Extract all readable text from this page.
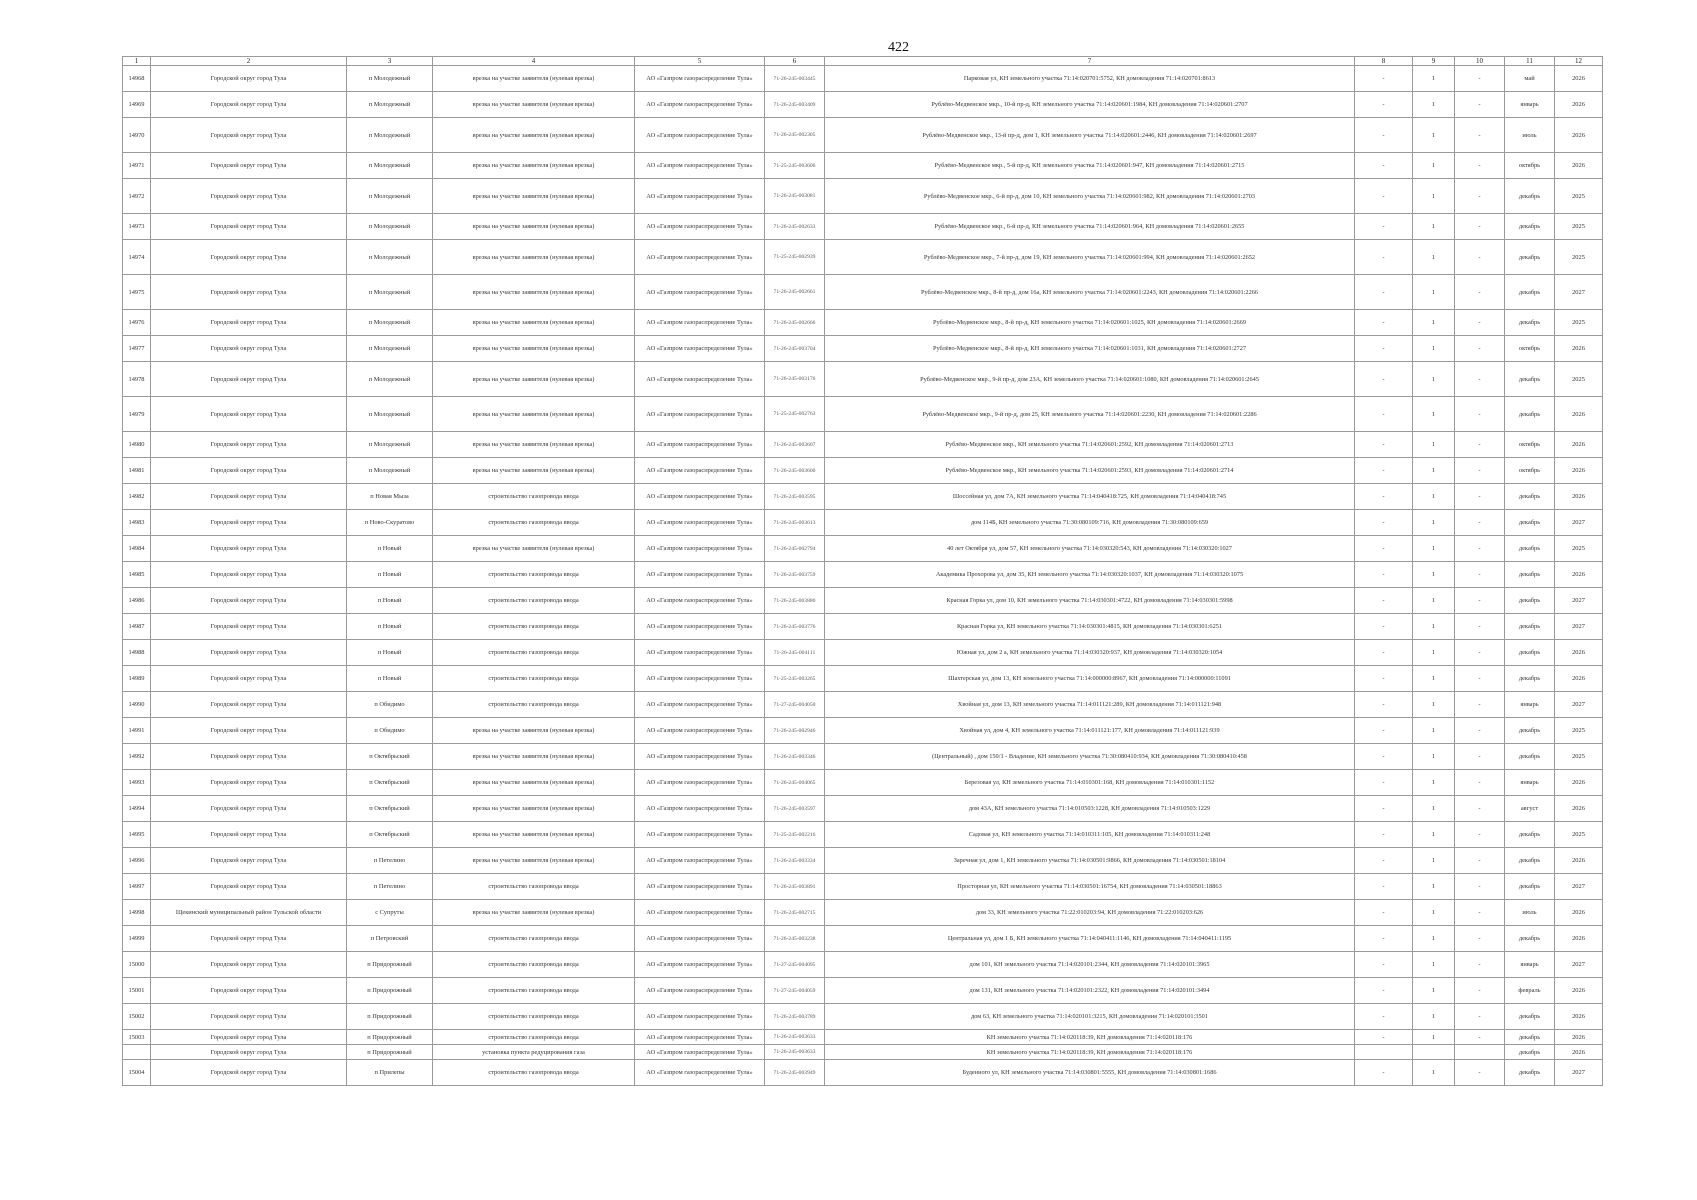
422
1	2	3	4	5	6	7	8	9	10	11	12
14968	Городской округ город Тула	п Молодежный	врезка на участке заявителя (нулевая врезка)	АО «Газпром газораспределение Тула»	71-26-245-003445	Парковая ул, КН земельного участка 71:14:020701:5752, КН домовладения 71:14:020701:8613	-	1	-	май	2026
14969	Городской округ город Тула	п Молодежный	врезка на участке заявителя (нулевая врезка)	АО «Газпром газораспределение Тула»	71-26-245-003409	Рублёво-Медвенское мкр., 10-й пр-д, КН земельного участка 71:14:020601:1984, КН домовладения 71:14:020601:2707	-	1	-	январь	2026
14970	Городской округ город Тула	п Молодежный	врезка на участке заявителя (нулевая врезка)	АО «Газпром газораспределение Тула»	71-26-245-002305	Рублёво-Медвенское мкр., 13-й пр-д, дом 1, КН земельного участка 71:14:020601:2446, КН домовладения 71:14:020601:2697	-	1	-	июль	2026
14971	Городской округ город Тула	п Молодежный	врезка на участке заявителя (нулевая врезка)	АО «Газпром газораспределение Тула»	71-25-245-003606	Рублёво-Медвенское мкр., 5-й пр-д, КН земельного участка 71:14:020601:947, КН домовладения 71:14:020601:2715	-	1	-	октябрь	2026
14972	Городской округ город Тула	п Молодежный	врезка на участке заявителя (нулевая врезка)	АО «Газпром газораспределение Тула»	71-26-245-003081	Рублёво-Медвенское мкр., 6-й пр-д, дом 10, КН земельного участка 71:14:020601:982, КН домовладения 71:14:020601:2703	-	1	-	декабрь	2025
14973	Городской округ город Тула	п Молодежный	врезка на участке заявителя (нулевая врезка)	АО «Газпром газораспределение Тула»	71-26-245-002633	Рублёво-Медвенское мкр., 6-й пр-д, КН земельного участка 71:14:020601:964, КН домовладения 71:14:020601:2655	-	1	-	декабрь	2025
14974	Городской округ город Тула	п Молодежный	врезка на участке заявителя (нулевая врезка)	АО «Газпром газораспределение Тула»	71-25-245-002939	Рублёво-Медвенское мкр., 7-й пр-д, дом 19, КН земельного участка 71:14:020601:994, КН домовладения 71:14:020601:2652	-	1	-	декабрь	2025
14975	Городской округ город Тула	п Молодежный	врезка на участке заявителя (нулевая врезка)	АО «Газпром газораспределение Тула»	71-26-245-002661	Рублёво-Медвенское мкр., 8-й пр-д, дом 16а, КН земельного участка 71:14:020601:2243, КН домовладения 71:14:020601:2266	-	1	-	декабрь	2027
14976	Городской округ город Тула	п Молодежный	врезка на участке заявителя (нулевая врезка)	АО «Газпром газораспределение Тула»	71-26-245-002666	Рублёво-Медвенское мкр., 8-й пр-д, КН земельного участка 71:14:020601:1025, КН домовладения 71:14:020601:2669	-	1	-	декабрь	2025
14977	Городской округ город Тула	п Молодежный	врезка на участке заявителя (нулевая врезка)	АО «Газпром газораспределение Тула»	71-26-245-003704	Рублёво-Медвенское мкр., 8-й пр-д, КН земельного участка 71:14:020601:1031, КН домовладения 71:14:020601:2727	-	1	-	октябрь	2026
14978	Городской округ город Тула	п Молодежный	врезка на участке заявителя (нулевая врезка)	АО «Газпром газораспределение Тула»	71-26-245-003176	Рублёво-Медвенское мкр., 9-й пр-д, дом 23А, КН земельного участка 71:14:020601:1080, КН домовладения 71:14:020601:2645	-	1	-	декабрь	2025
14979	Городской округ город Тула	п Молодежный	врезка на участке заявителя (нулевая врезка)	АО «Газпром газораспределение Тула»	71-25-245-002763	Рублёво-Медвенское мкр., 9-й пр-д, дом 25, КН земельного участка 71:14:020601:2230, КН домовладения 71:14:020601:2286	-	1	-	декабрь	2026
14980	Городской округ город Тула	п Молодежный	врезка на участке заявителя (нулевая врезка)	АО «Газпром газораспределение Тула»	71-26-245-003607	Рублёво-Медвенское мкр., КН земельного участка 71:14:020601:2592, КН домовладения 71:14:020601:2713	-	1	-	октябрь	2026
14981	Городской округ город Тула	п Молодежный	врезка на участке заявителя (нулевая врезка)	АО «Газпром газораспределение Тула»	71-26-245-003600	Рублёво-Медвенское мкр., КН земельного участка 71:14:020601:2593, КН домовладения 71:14:020601:2714	-	1	-	октябрь	2026
14982	Городской округ город Тула	п Новая Мыза	строительство газопровода ввода	АО «Газпром газораспределение Тула»	71-26-245-003595	Шоссейная ул, дом 7А, КН земельного участка 71:14:040418:725, КН домовладения 71:14:040418:745	-	1	-	декабрь	2026
14983	Городской округ город Тула	п Ново-Скуратово	строительство газопровода ввода	АО «Газпром газораспределение Тула»	71-26-245-003613	дом 114Б, КН земельного участка 71:30:080109:716, КН домовладения 71:30:080109:659	-	1	-	декабрь	2027
14984	Городской округ город Тула	п Новый	врезка на участке заявителя (нулевая врезка)	АО «Газпром газораспределение Тула»	71-26-245-002794	40 лет Октября ул, дом 57, КН земельного участка 71:14:030320:543, КН домовладения 71:14:030320:1027	-	1	-	декабрь	2025
14985	Городской округ город Тула	п Новый	строительство газопровода ввода	АО «Газпром газораспределение Тула»	71-26-245-003759	Академика Прохорова ул, дом 35, КН земельного участка 71:14:030320:1037, КН домовладения 71:14:030320:1075	-	1	-	декабрь	2026
14986	Городской округ город Тула	п Новый	строительство газопровода ввода	АО «Газпром газораспределение Тула»	71-26-245-003880	Красная Горка ул, дом 10, КН земельного участка 71:14:030301:4722, КН домовладения 71:14:030301:5998	-	1	-	декабрь	2027
14987	Городской округ город Тула	п Новый	строительство газопровода ввода	АО «Газпром газораспределение Тула»	71-26-245-003776	Красная Горка ул, КН земельного участка 71:14:030301:4815, КН домовладения 71:14:030301:6251	-	1	-	декабрь	2027
14988	Городской округ город Тула	п Новый	строительство газопровода ввода	АО «Газпром газораспределение Тула»	71-26-245-004111	Южная ул, дом 2 а, КН земельного участка 71:14:030320:937, КН домовладения 71:14:030320:1054	-	1	-	декабрь	2026
14989	Городской округ город Тула	п Новый	строительство газопровода ввода	АО «Газпром газораспределение Тула»	71-25-245-003265	Шахтерская ул, дом 13, КН земельного участка 71:14:000000:8967, КН домовладения 71:14:000000:11091	-	1	-	декабрь	2026
14990	Городской округ город Тула	п Обидимо	строительство газопровода ввода	АО «Газпром газораспределение Тула»	71-27-245-004050	Хвойная ул, дом 13, КН земельного участка 71:14:011121:289, КН домовладения 71:14:011121:948	-	1	-	январь	2027
14991	Городской округ город Тула	п Обидимо	врезка на участке заявителя (нулевая врезка)	АО «Газпром газораспределение Тула»	71-26-245-002946	Хвойная ул, дом 4, КН земельного участка 71:14:011121:177, КН домовладения 71:14:011121:939	-	1	-	декабрь	2025
14992	Городской округ город Тула	п Октябрьский	врезка на участке заявителя (нулевая врезка)	АО «Газпром газораспределение Тула»	71-26-245-003346	(Центральный) , дом 150/1 - Владение, КН земельного участка 71:30:080410:934, КН домовладения 71:30:080410:458	-	1	-	декабрь	2025
14993	Городской округ город Тула	п Октябрьский	врезка на участке заявителя (нулевая врезка)	АО «Газпром газораспределение Тула»	71-26-245-004065	Березовая ул, КН земельного участка 71:14:010301:168, КН домовладения 71:14:010301:1152	-	1	-	январь	2026
14994	Городской округ город Тула	п Октябрьский	врезка на участке заявителя (нулевая врезка)	АО «Газпром газораспределение Тула»	71-26-245-003597	дом 43А, КН земельного участка 71:14:010503:1228, КН домовладения 71:14:010503:1229	-	1	-	август	2026
14995	Городской округ город Тула	п Октябрьский	врезка на участке заявителя (нулевая врезка)	АО «Газпром газораспределение Тула»	71-25-245-002216	Садовая ул, КН земельного участка 71:14:010311:105, КН домовладения 71:14:010311:248	-	1	-	декабрь	2025
14996	Городской округ город Тула	п Петелино	врезка на участке заявителя (нулевая врезка)	АО «Газпром газораспределение Тула»	71-26-245-003334	Заречная ул, дом 1, КН земельного участка 71:14:030501:9866, КН домовладения 71:14:030501:18104	-	1	-	декабрь	2026
14997	Городской округ город Тула	п Петелино	строительство газопровода ввода	АО «Газпром газораспределение Тула»	71-26-245-003891	Просторная ул, КН земельного участка 71:14:030501:16754, КН домовладения 71:14:030501:18863	-	1	-	декабрь	2027
14998	Щекинский муниципальный район Тульской области	с Супруты	врезка на участке заявителя (нулевая врезка)	АО «Газпром газораспределение Тула»	71-26-245-002715	дом 33, КН земельного участка 71:22:010203:94, КН домовладения 71:22:010203:626	-	1	-	июль	2026
14999	Городской округ город Тула	п Петровский	строительство газопровода ввода	АО «Газпром газораспределение Тула»	71-26-245-003238	Центральная ул, дом 1 Б, КН земельного участка 71:14:040411:1146, КН домовладения 71:14:040411:1195	-	1	-	декабрь	2026
15000	Городской округ город Тула	п Придорожный	строительство газопровода ввода	АО «Газпром газораспределение Тула»	71-27-245-004095	дом 101, КН земельного участка 71:14:020101:2344, КН домовладения 71:14:020101:3965	-	1	-	январь	2027
15001	Городской округ город Тула	п Придорожный	строительство газопровода ввода	АО «Газпром газораспределение Тула»	71-27-245-004059	дом 131, КН земельного участка 71:14:020101:2322, КН домовладения 71:14:020101:3494	-	1	-	февраль	2026
15002	Городской округ город Тула	п Придорожный	строительство газопровода ввода	АО «Газпром газораспределение Тула»	71-26-245-003789	дом 63, КН земельного участка 71:14:020101:3215, КН домовладения 71:14:020101:3501	-	1	-	декабрь	2026
15003	Городской округ город Тула	п Придорожный	строительство газопровода ввода	АО «Газпром газораспределение Тула»	71-26-245-003633	КН земельного участка 71:14:020118:39, КН домовладения 71:14:020118:176	-	1	-	декабрь	2026
	Городской округ город Тула	п Придорожный	установка пункта редуцирования газа	АО «Газпром газораспределение Тула»	71-26-245-003633	КН земельного участка 71:14:020118:39, КН домовладения 71:14:020118:176				декабрь	2026
15004	Городской округ город Тула	п Прилепы	строительство газопровода ввода	АО «Газпром газораспределение Тула»	71-26-245-003949	Буденного ул, КН земельного участка 71:14:030801:5555, КН домовладения 71:14:030801:1686	-	1	-	декабрь	2027
